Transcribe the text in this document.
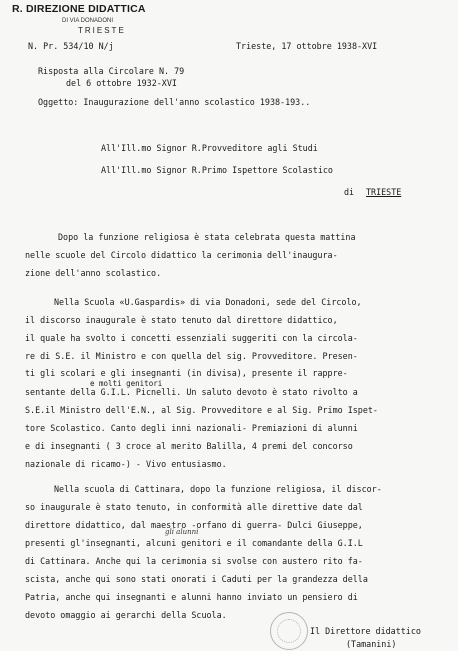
R. DIREZIONE DIDATTICA
DI VIA DONADONI
TRIESTE
N. Pr. 534/10 N/j	Trieste, 17 ottobre 1938-XVI
Risposta alla Circolare N. 79
del 6 ottobre 1932-XVI
Oggetto: Inaugurazione dell'anno scolastico 1938-193..
All'Ill.mo Signor R.Provveditore agli Studi
All'Ill.mo Signor R.Primo Ispettore Scolastico
di TRIESTE
Dopo la funzione religiosa è stata celebrata questa mattina
nelle scuole del Circolo didattico la cerimonia dell'inaugura-
zione dell'anno scolastico.
Nella Scuola «U.Gaspardis» di via Donadoni, sede del Circolo,
il discorso inaugurale è stato tenuto dal direttore didattico,
il quale ha svolto i concetti essenziali suggeriti con la circola-
re di S.E. il Ministro e con quella del sig. Provveditore. Presen-
ti gli scolari e gli insegnanti (in divisa), presente il rappre-
e molti genitori
sentante della G.I.L. Picnelli. Un saluto devoto è stato rivolto a
S.E.il Ministro dell'E.N., al Sig. Provveditore e al Sig. Primo Ispet-
tore Scolastico. Canto degli inni nazionali- Premiazioni di alunni
e di insegnanti ( 3 croce al merito Balilla, 4 premi del concorso
nazionale di ricamo-) - Vivo entusiasmo.
Nella scuola di Cattinara, dopo la funzione religiosa, il discor-
so inaugurale è stato tenuto, in conformità alle direttive date dal
direttore didattico, dal maestro -orfano di guerra- Dulci Giuseppe,
gli alunni
presenti gl'insegnanti, alcuni genitori e il comandante della G.I.L
di Cattinara. Anche qui la cerimonia si svolse con austero rito fa-
scista, anche qui sono stati onorati i Caduti per la grandezza della
Patria, anche qui insegnanti e alunni hanno inviato un pensiero di
devoto omaggio ai gerarchi della Scuola.
Il Direttore didattico
(Tamanini)
